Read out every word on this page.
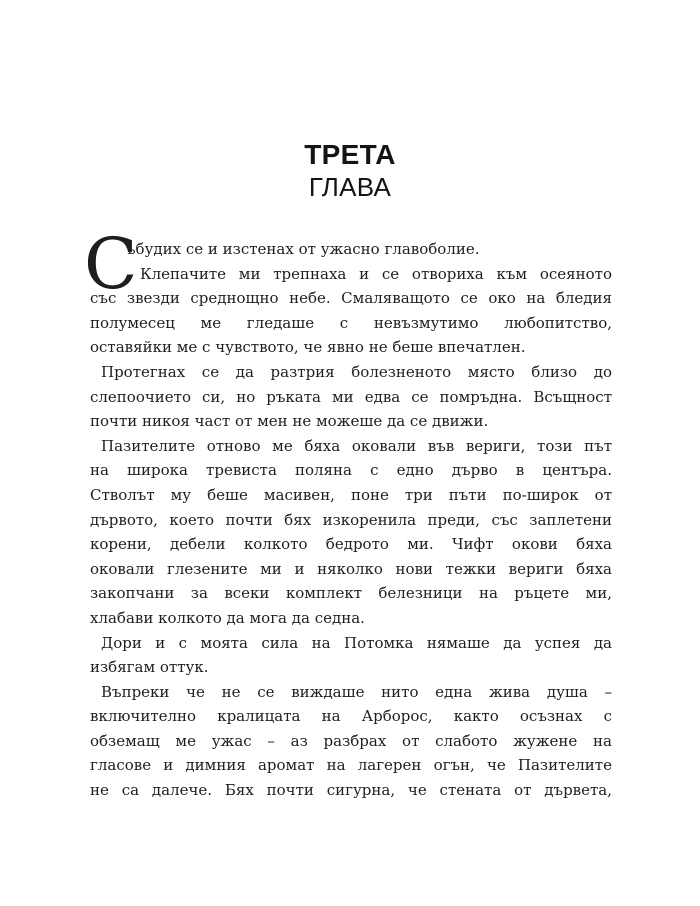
ТРЕТА
ГЛАВА
С
ъбудих се и изстенах от ужасно главоболие.
Клепачите ми трепнаха и се отвориха към осеяното
със звезди среднощно небе. Смаляващото се око на бледия
полумесец ме гледаше с невъзмутимо любопитство,
оставяйки ме с чувството, че явно не беше впечатлен.
Протегнах се да разтрия болезненото място близо до
слепоочието си, но ръката ми едва се помръдна. Всъщност
почти никоя част от мен не можеше да се движи.
Пазителите отново ме бяха оковали във вериги, този път
на широка тревиста поляна с едно дърво в центъра.
Стволът му беше масивен, поне три пъти по-широк от
дървото, което почти бях изкоренила преди, със заплетени
корени, дебели колкото бедрото ми. Чифт окови бяха
оковали глезените ми и няколко нови тежки вериги бяха
закопчани за всеки комплект белезници на ръцете ми,
хлабави колкото да мога да седна.
Дори и с моята сила на Потомка нямаше да успея да
избягам оттук.
Въпреки че не се виждаше нито една жива душа –
включително кралицата на Арборос, както осъзнах с
обземащ ме ужас – аз разбрах от слабото жужене на
гласове и димния аромат на лагерен огън, че Пазителите
не са далече. Бях почти сигурна, че стената от дървета,
